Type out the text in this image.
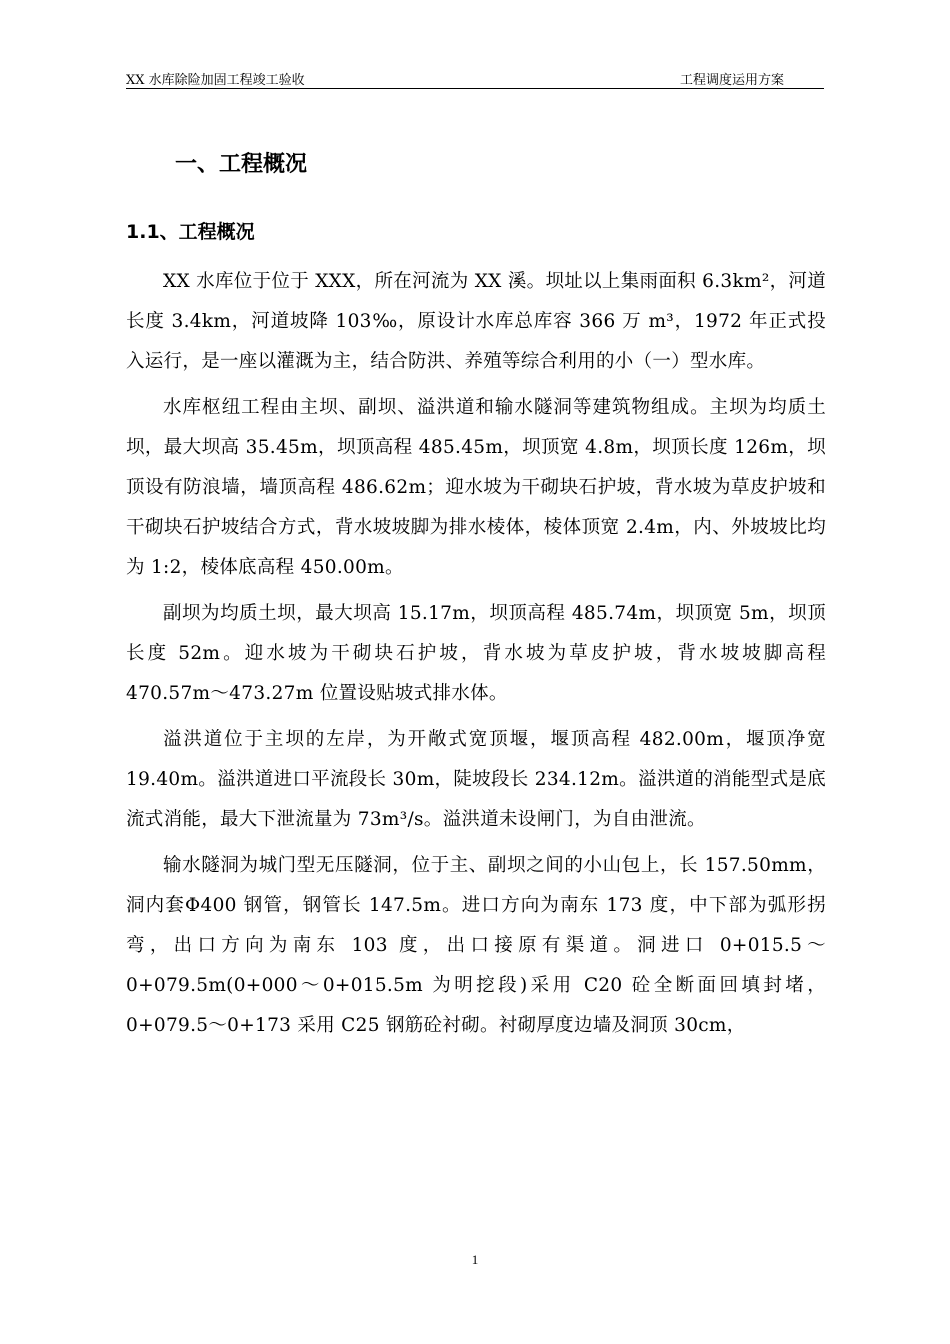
XX 水库除险加固工程竣工验收	工程调度运用方案
一、工程概况
1.1、工程概况

XX 水库位于位于 XXX，所在河流为 XX 溪。坝址以上集雨面积 6.3km²，河道长度 3.4km，河道坡降 103‰，原设计水库总库容 366 万 m³，1972 年正式投入运行，是一座以灌溉为主，结合防洪、养殖等综合利用的小（一）型水库。

水库枢纽工程由主坝、副坝、溢洪道和输水隧洞等建筑物组成。主坝为均质土坝，最大坝高 35.45m，坝顶高程 485.45m，坝顶宽 4.8m，坝顶长度 126m，坝顶设有防浪墙，墙顶高程 486.62m；迎水坡为干砌块石护坡，背水坡为草皮护坡和干砌块石护坡结合方式，背水坡坡脚为排水棱体，棱体顶宽 2.4m，内、外坡坡比均为 1:2，棱体底高程 450.00m。

副坝为均质土坝，最大坝高 15.17m，坝顶高程 485.74m，坝顶宽 5m，坝顶长度 52m。迎水坡为干砌块石护坡，背水坡为草皮护坡，背水坡坡脚高程 470.57m～473.27m 位置设贴坡式排水体。

溢洪道位于主坝的左岸，为开敞式宽顶堰，堰顶高程 482.00m，堰顶净宽 19.40m。溢洪道进口平流段长 30m，陡坡段长 234.12m。溢洪道的消能型式是底流式消能，最大下泄流量为 73m³/s。溢洪道未设闸门，为自由泄流。

输水隧洞为城门型无压隧洞，位于主、副坝之间的小山包上，长 157.50mm，洞内套Φ400 钢管，钢管长 147.5m。进口方向为南东 173 度，中下部为弧形拐弯，出口方向为南东 103 度，出口接原有渠道。洞进口 0+015.5～0+079.5m(0+000～0+015.5m 为明挖段)采用 C20 砼全断面回填封堵，0+079.5～0+173 采用 C25 钢筋砼衬砌。衬砌厚度边墙及洞顶 30cm，

1
